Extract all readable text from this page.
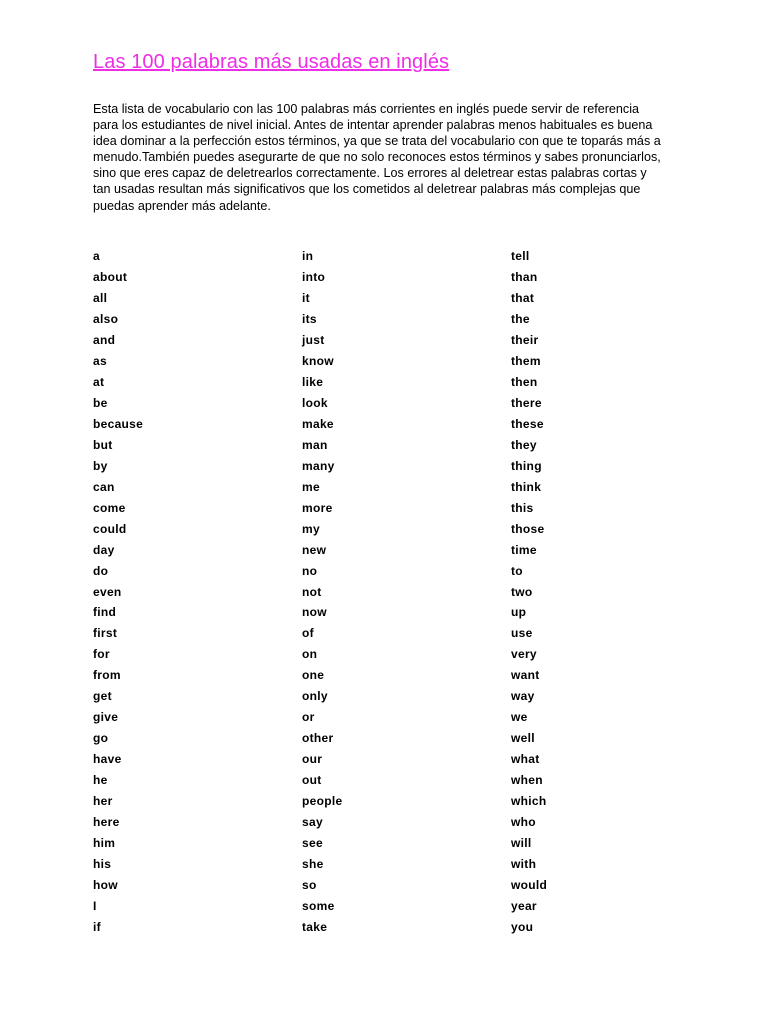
Las 100 palabras más usadas en inglés

Esta lista de vocabulario con las 100 palabras más corrientes en inglés puede servir de referencia
para los estudiantes de nivel inicial. Antes de intentar aprender palabras menos habituales es buena
idea dominar a la perfección estos términos, ya que se trata del vocabulario con que te toparás más a
menudo.También puedes asegurarte de que no solo reconoces estos términos y sabes pronunciarlos,
sino que eres capaz de deletrearlos correctamente. Los errores al deletrear estas palabras cortas y
tan usadas resultan más significativos que los cometidos al deletrear palabras más complejas que
puedas aprender más adelante.

a
about
all
also
and
as
at
be
because
but
by
can
come
could
day
do
even
find
first
for
from
get
give
go
have
he
her
here
him
his
how
I
if
in
into
it
its
just
know
like
look
make
man
many
me
more
my
new
no
not
now
of
on
one
only
or
other
our
out
people
say
see
she
so
some
take
tell
than
that
the
their
them
then
there
these
they
thing
think
this
those
time
to
two
up
use
very
want
way
we
well
what
when
which
who
will
with
would
year
you
